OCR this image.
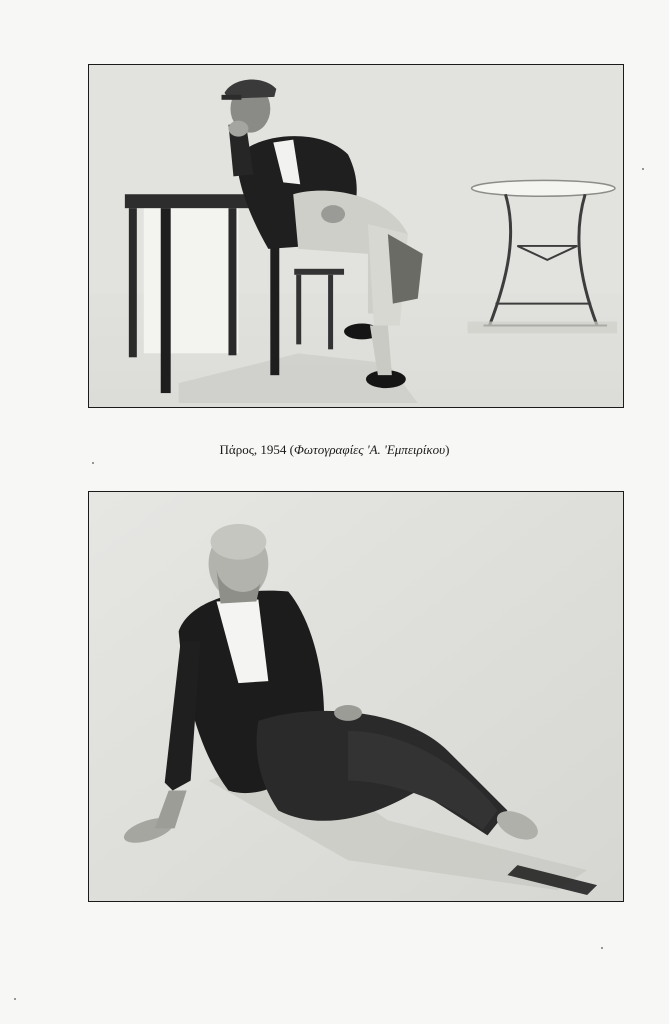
Πάρος, 1954 (Φωτογραφίες 'Α. 'Εμπειρίκου)
